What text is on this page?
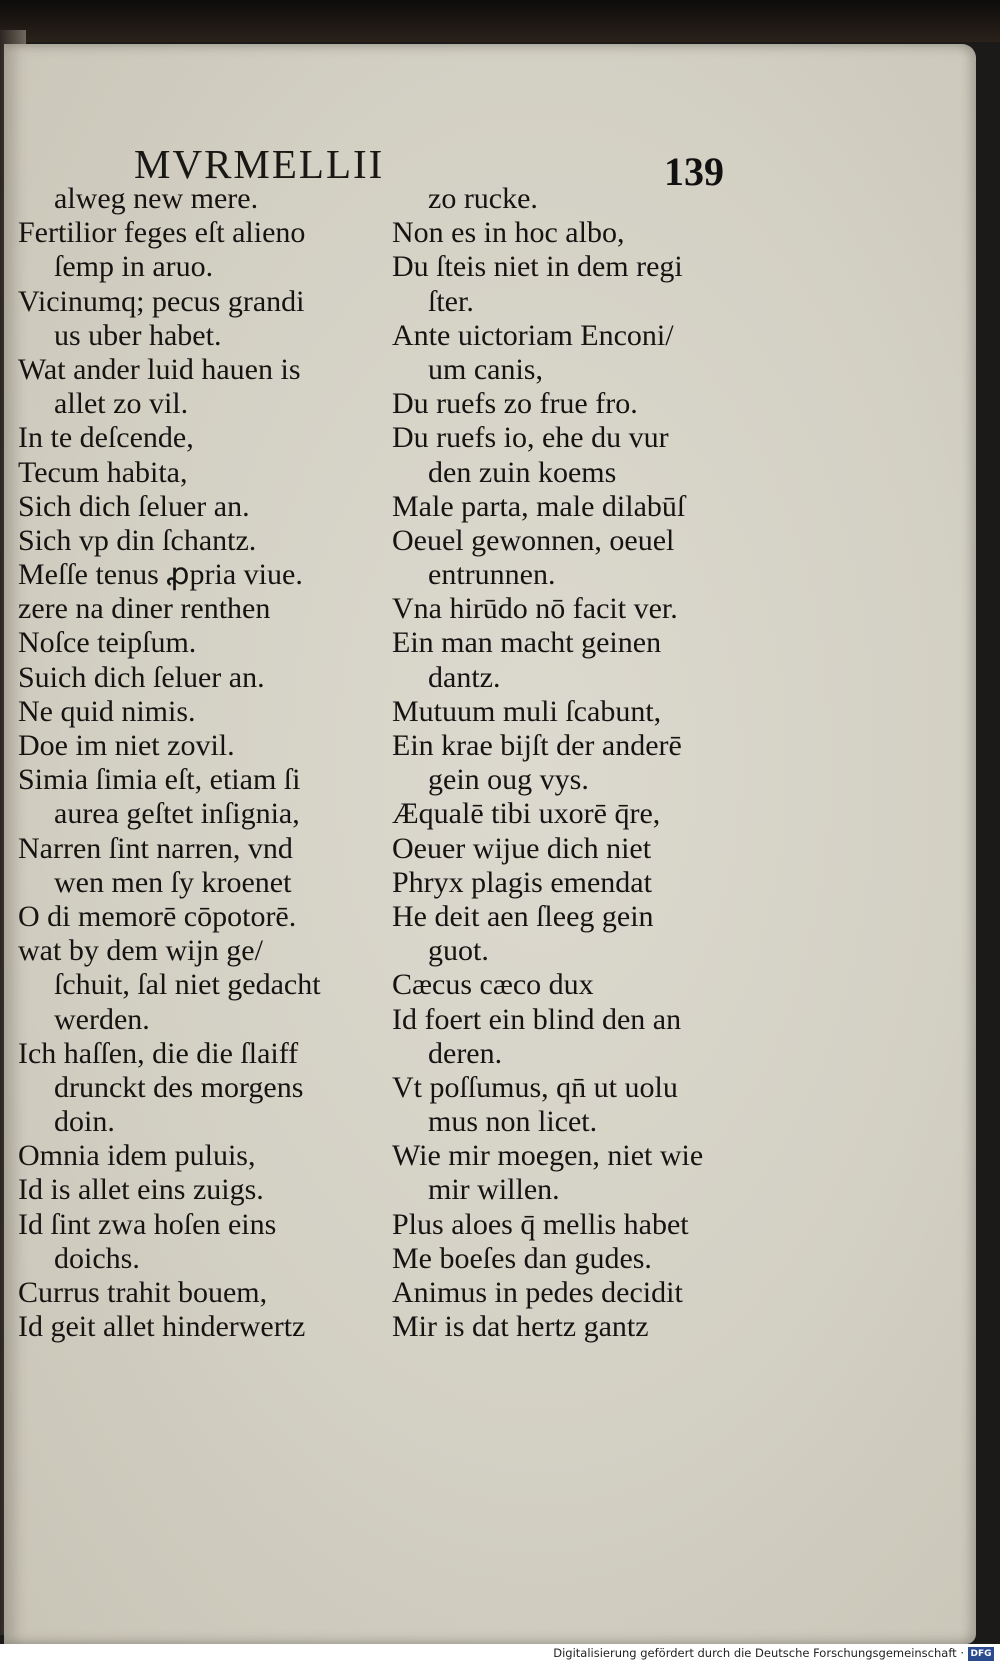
MVRMELLII	139
alweg new mere.
Fertilior feges eſt alieno
ſemp in aruo.
Vicinumq; pecus grandi
us uber habet.
Wat ander luid hauen is
allet zo vil.
In te deſcende,
Tecum habita,
Sich dich ſeluer an.
Sich vp din ſchantz.
Meſſe tenus ꝓpria viue.
zere na diner renthen
Noſce teipſum.
Suich dich ſeluer an.
Ne quid nimis.
Doe im niet zovil.
Simia ſimia eſt, etiam ſi
aurea geſtet inſignia,
Narren ſint narren, vnd
wen men ſy kroenet
O di memorē cōpotorē.
wat by dem wijn ge/
ſchuit, ſal niet gedacht
werden.
Ich haſſen, die die ſlaiff
drunckt des morgens
doin.
Omnia idem puluis,
Id is allet eins zuigs.
Id ſint zwa hoſen eins
doichs.
Currus trahit bouem,
Id geit allet hinderwertz
zo rucke.
Non es in hoc albo,
Du ſteis niet in dem regi
ſter.
Ante uictoriam Enconi/
um canis,
Du ruefs zo frue fro.
Du ruefs io, ehe du vur
den zuin koems
Male parta, male dilabūſ
Oeuel gewonnen, oeuel
entrunnen.
Vna hirūdo nō facit ver.
Ein man macht geinen
dantz.
Mutuum muli ſcabunt,
Ein krae bijſt der anderē
gein oug vys.
Æqualē tibi uxorē q̄re,
Oeuer wijue dich niet
Phryx plagis emendat
He deit aen ſleeg gein
guot.
Cæcus cæco dux
Id foert ein blind den an
deren.
Vt poſſumus, qn̄ ut uolu
mus non licet.
Wie mir moegen, niet wie
mir willen.
Plus aloes q̄ mellis habet
Me boeſes dan gudes.
Animus in pedes decidit
Mir is dat hertz gantz
Digitalisierung gefördert durch die Deutsche Forschungsgemeinschaft · DFG
